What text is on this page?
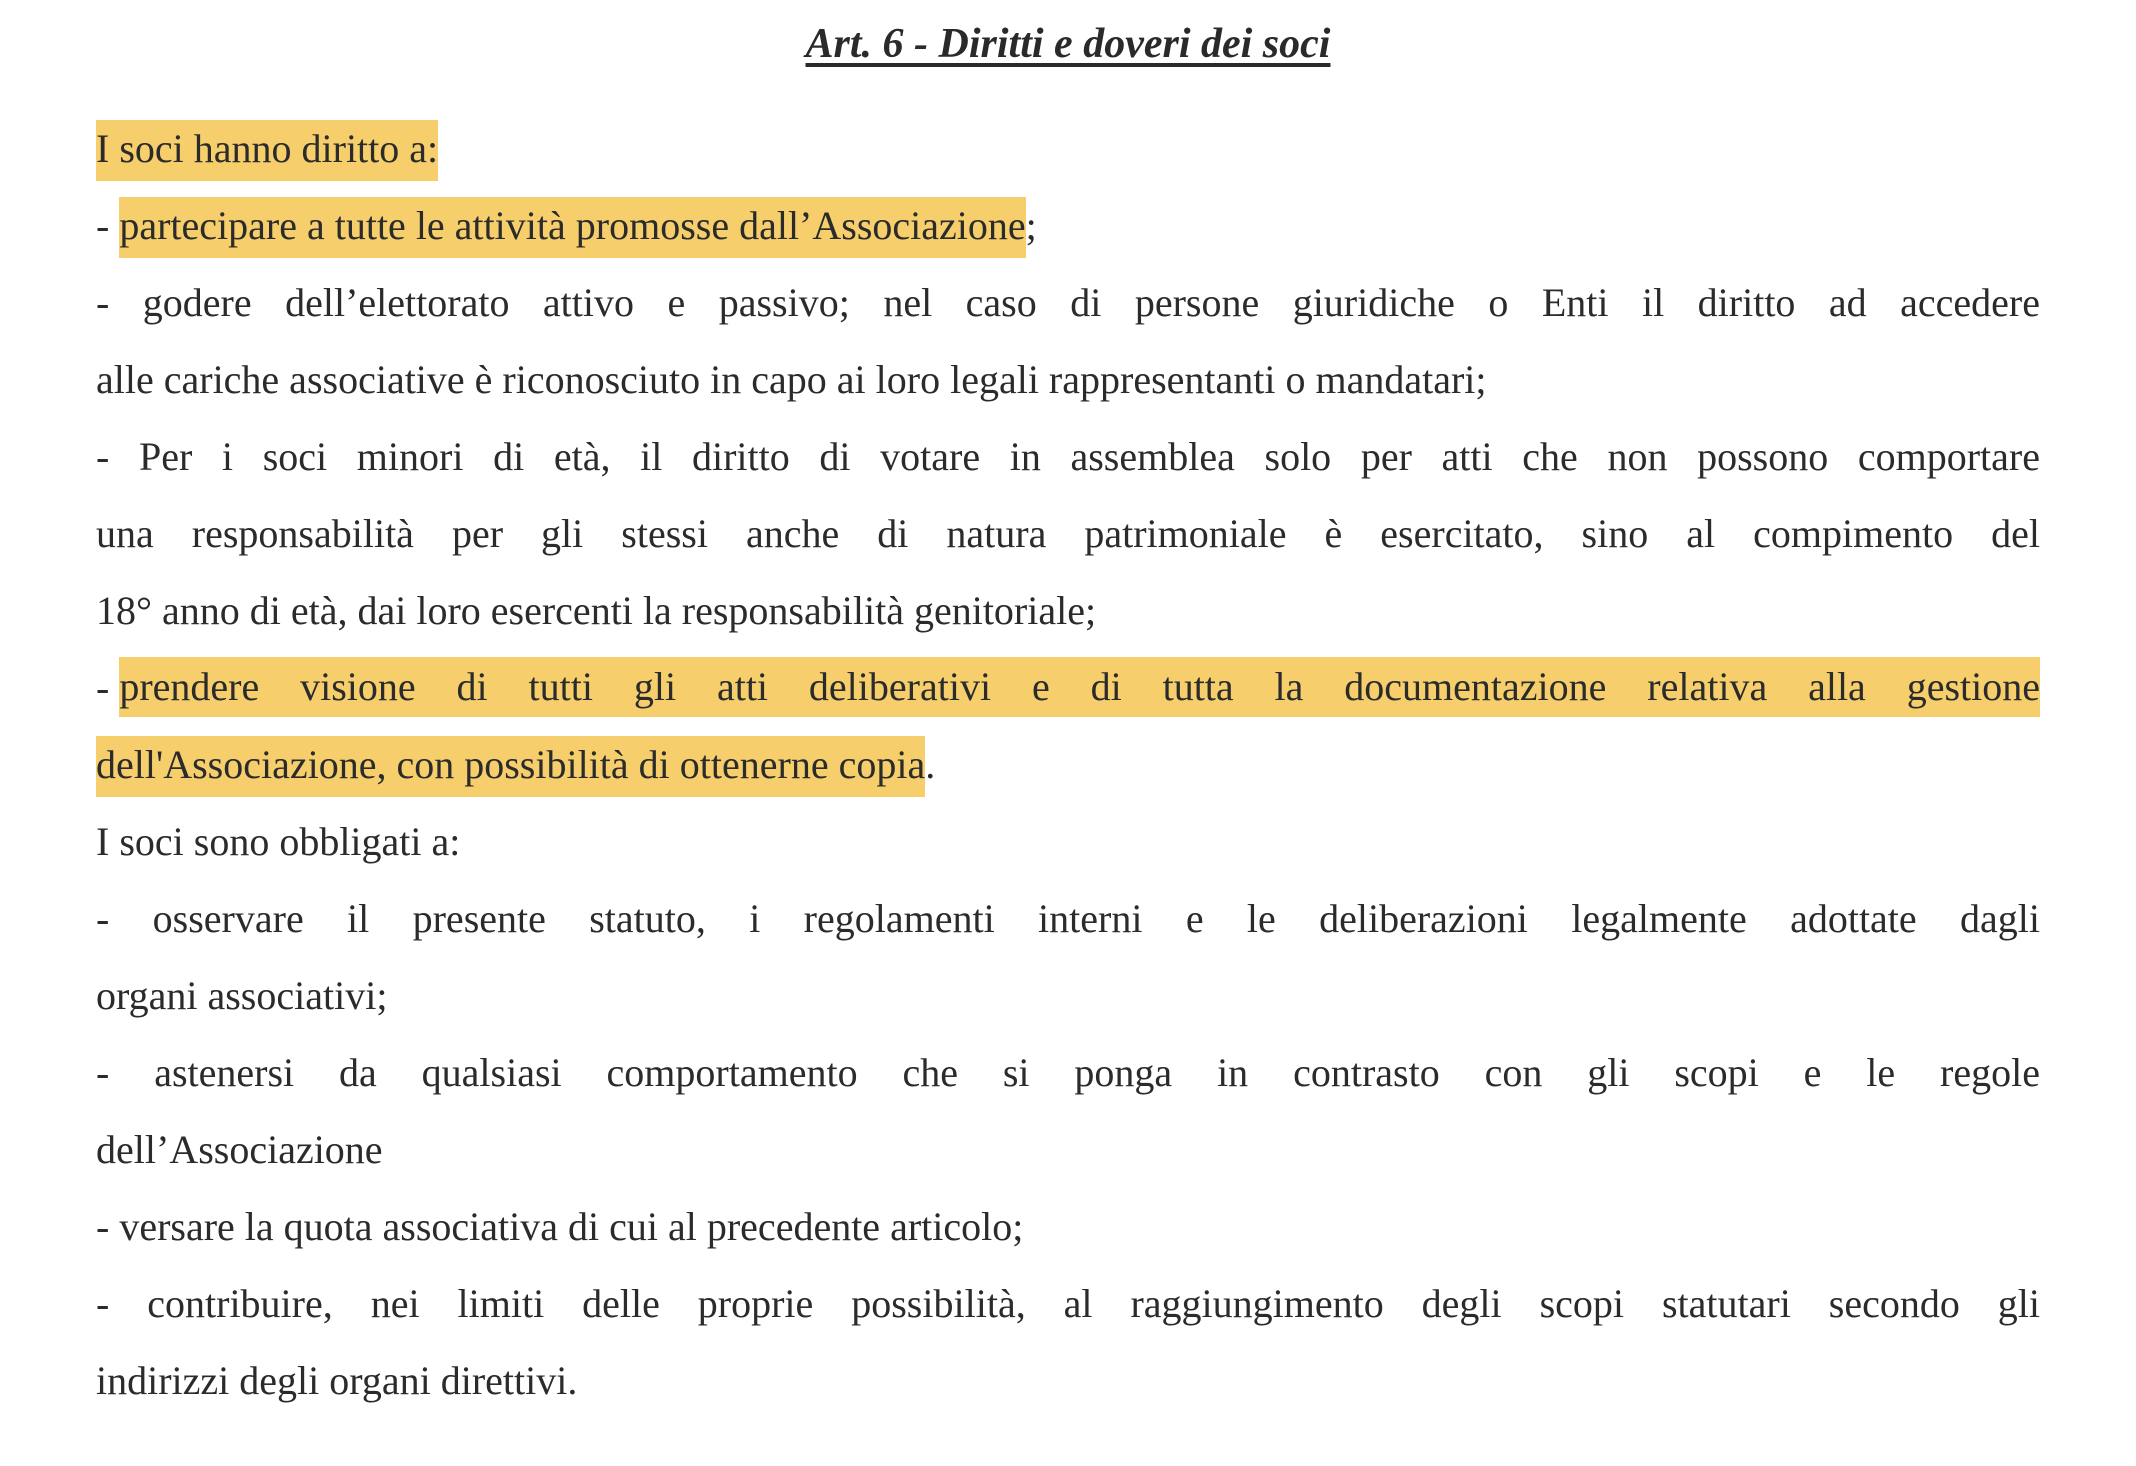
Art. 6 - Diritti e doveri dei soci
I soci hanno diritto a:
- partecipare a tutte le attività promosse dall’Associazione;
- godere dell’elettorato attivo e passivo; nel caso di persone giuridiche o Enti il diritto ad accedere
alle cariche associative è riconosciuto in capo ai loro legali rappresentanti o mandatari;
- Per i soci minori di età, il diritto di votare in assemblea solo per atti che non possono comportare
una responsabilità per gli stessi anche di natura patrimoniale è esercitato, sino al compimento del
18° anno di età, dai loro esercenti la responsabilità genitoriale;
- prendere visione di tutti gli atti deliberativi e di tutta la documentazione relativa alla gestione
dell'Associazione, con possibilità di ottenerne copia.
I soci sono obbligati a:
- osservare il presente statuto, i regolamenti interni e le deliberazioni legalmente adottate dagli
organi associativi;
- astenersi da qualsiasi comportamento che si ponga in contrasto con gli scopi e le regole
dell’Associazione
- versare la quota associativa di cui al precedente articolo;
- contribuire, nei limiti delle proprie possibilità, al raggiungimento degli scopi statutari secondo gli
indirizzi degli organi direttivi.
